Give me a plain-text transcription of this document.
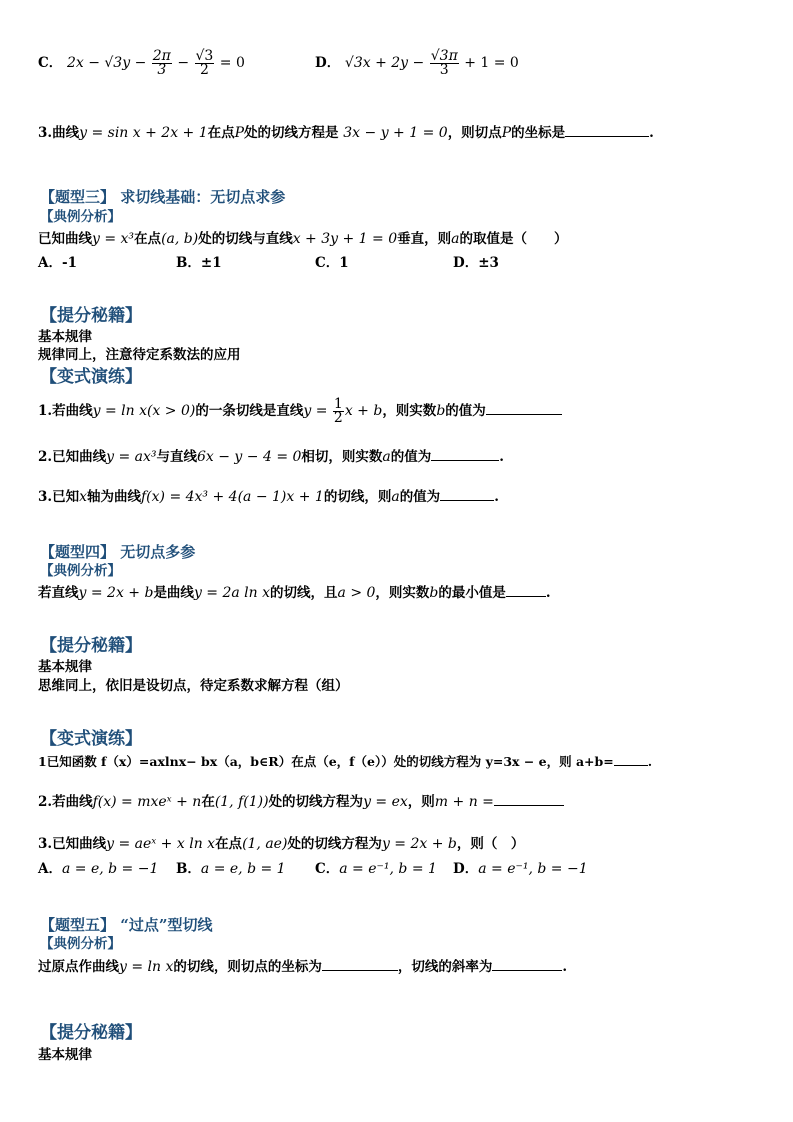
C． $2x - √3y - \frac{2\pi}{3} - \frac{√3}{2} = 0$	D． $√3x + 2y - \frac{√3\pi}{3} + 1 = 0$
3.曲线y = sin x + 2x + 1在点P处的切线方程是 3x − y + 1 = 0，则切点P的坐标是	.
【题型三】 求切线基础：无切点求参
【典例分析】
已知曲线y = x³在点(a, b)处的切线与直线x + 3y + 1 = 0垂直，则a的取值是（　　）
A．-1	B．±1	C．1	D．±3
【提分秘籍】
基本规律
规律同上，注意待定系数法的应用
【变式演练】
1.若曲线y = ln x(x > 0)的一条切线是直线$y = \frac{1}{2}$ x + b，则实数b的值为
2.已知曲线y = ax³与直线6x − y − 4 = 0相切，则实数a的值为	.
3.已知x轴为曲线f(x) = 4x³ + 4(a − 1)x + 1的切线，则a的值为	.
【题型四】 无切点多参
【典例分析】
若直线y = 2x + b是曲线y = 2a ln x的切线，且a > 0，则实数b的最小值是	.
【提分秘籍】
基本规律
思维同上，依旧是设切点，待定系数求解方程（组）
【变式演练】
1已知函数 f（x）=axlnx− bx（a，b∈R）在点（e，f（e））处的切线方程为 y=3x − e，则 a+b=	.
2.若曲线f(x) = mxeˣ + n在(1, f(1))处的切线方程为y = ex，则m + n =
3.已知曲线y = aeˣ + x ln x在点(1, ae)处的切线方程为y = 2x + b，则（　）
A．a = e, b = −1 B．a = e, b = 1 C．a = e⁻¹, b = 1 D．a = e⁻¹, b = −1
【题型五】 “过点”型切线
【典例分析】
过原点作曲线y = ln x的切线，则切点的坐标为	，切线的斜率为	.
【提分秘籍】
基本规律
